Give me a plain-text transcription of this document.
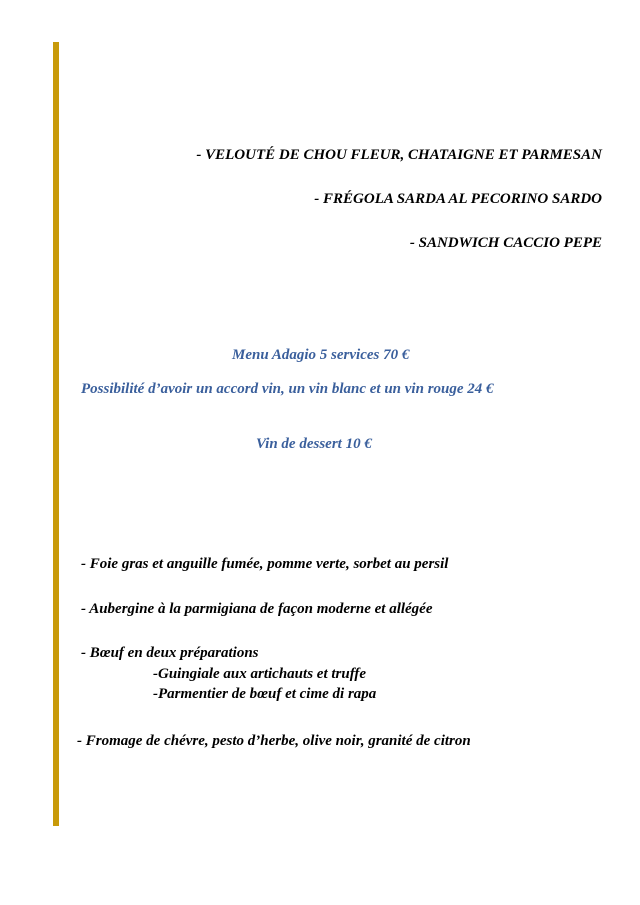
- VELOUTÉ DE CHOU FLEUR, CHATAIGNE ET PARMESAN
- FRÉGOLA SARDA AL PECORINO SARDO
- SANDWICH CACCIO PEPE
Menu Adagio 5 services 70 €
Possibilité d’avoir un accord vin, un vin blanc et un vin rouge 24 €
Vin de dessert 10 €
- Foie gras et anguille fumée, pomme verte, sorbet au persil
- Aubergine à la parmigiana de façon moderne et allégée
- Bœuf en deux préparations
-Guingiale aux artichauts et truffe
-Parmentier de bœuf et cime di rapa
- Fromage de chévre, pesto d’herbe, olive noir, granité de citron
